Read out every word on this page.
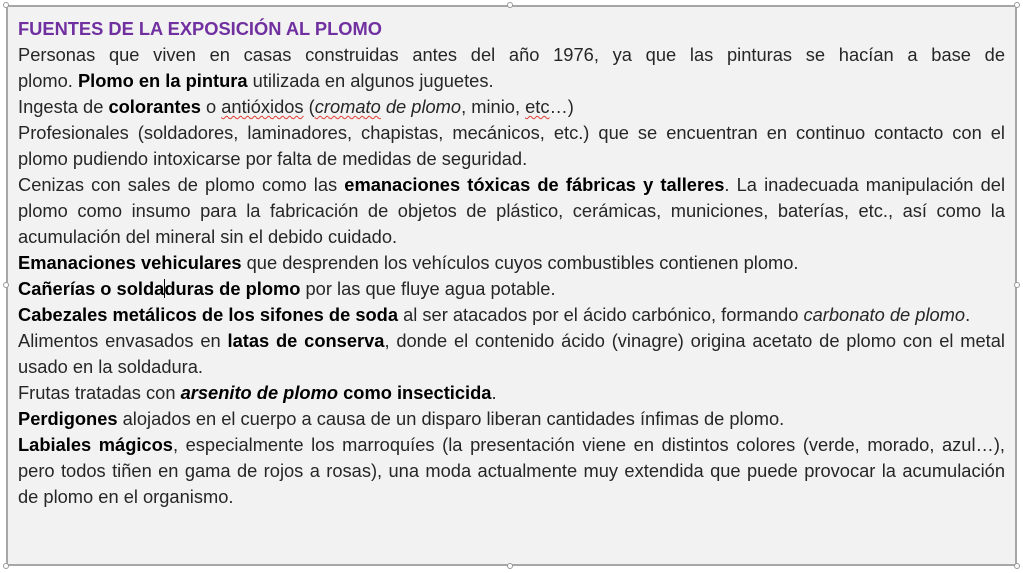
FUENTES DE LA EXPOSICIÓN AL PLOMO

Personas que viven en casas construidas antes del año 1976, ya que las pinturas se hacían a base de

plomo. Plomo en la pintura utilizada en algunos juguetes.

Ingesta de colorantes o antióxidos (cromato de plomo, minio, etc…)

Profesionales (soldadores, laminadores, chapistas, mecánicos, etc.) que se encuentran en continuo contacto con el plomo pudiendo intoxicarse por falta de medidas de seguridad.

Cenizas con sales de plomo como las emanaciones tóxicas de fábricas y talleres. La inadecuada manipulación del plomo como insumo para la fabricación de objetos de plástico, cerámicas, municiones, baterías, etc., así como la acumulación del mineral sin el debido cuidado.

Emanaciones vehiculares que desprenden los vehículos cuyos combustibles contienen plomo.

Cañerías o soldaduras de plomo por las que fluye agua potable.

Cabezales metálicos de los sifones de soda al ser atacados por el ácido carbónico, formando carbonato de plomo.

Alimentos envasados en latas de conserva, donde el contenido ácido (vinagre) origina acetato de plomo con el metal usado en la soldadura.

Frutas tratadas con arsenito de plomo como insecticida.

Perdigones alojados en el cuerpo a causa de un disparo liberan cantidades ínfimas de plomo.

Labiales mágicos, especialmente los marroquíes (la presentación viene en distintos colores (verde, morado, azul…), pero todos tiñen en gama de rojos a rosas), una moda actualmente muy extendida que puede provocar la acumulación de plomo en el organismo.
